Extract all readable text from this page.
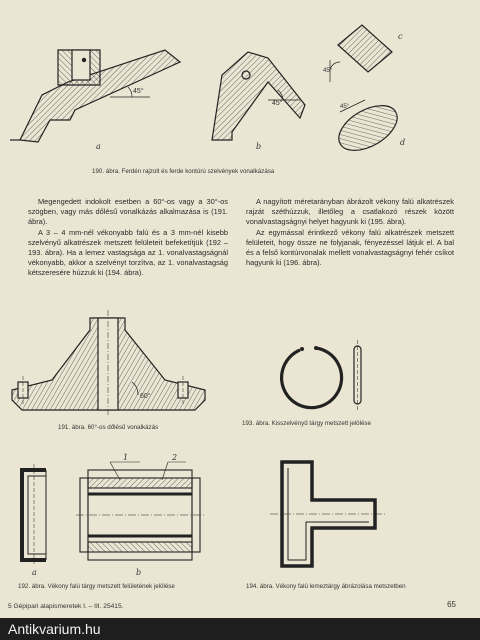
45°
45°
45°
45°
60°
1	2
a	b
c
d
a	b
190. ábra. Ferdén rajzolt és ferde kontúrú szelvények vonalkázása
191. ábra. 60°-os dőlésű vonalkázás
193. ábra. Kisszelvényű tárgy metszett jelölése
192. ábra. Vékony falú tárgy metszett felületének jelölése	194. ábra. Vékony falú lemeztárgy ábrázolása metszetben

Megengedett indokolt esetben a 60°-os vagy a 30°-os szögben, vagy más dőlésű vonalkázás alkalmazása is (191. ábra).

A 3 – 4 mm-nél vékonyabb falú és a 3 mm-nél kisebb szelvényű alkatrészek metszett felületeit befeketítjük (192 – 193. ábra). Ha a lemez vastagsága az 1. vonalvastagságnál vékonyabb, akkor a szelvényt torzítva, az 1. vonalvastagság kétszeresére húzzuk ki (194. ábra).

A nagyított méretarányban ábrázolt vékony falú alkatrészek rajzát széthúzzuk, illetőleg a csatlakozó részek között vonalvastagságnyi helyet hagyunk ki (195. ábra).

Az egymással érintkező vékony falú alkatrészek metszett felületeit, hogy össze ne folyjanak, fényezéssel látjuk el. A bal és a felső kontúrvonalak mellett vonalvastagságnyi fehér csíkot hagyunk ki (196. ábra).

5 Gépipari alapismeretek I. – III. 25415.	65
Antikvarium.hu
